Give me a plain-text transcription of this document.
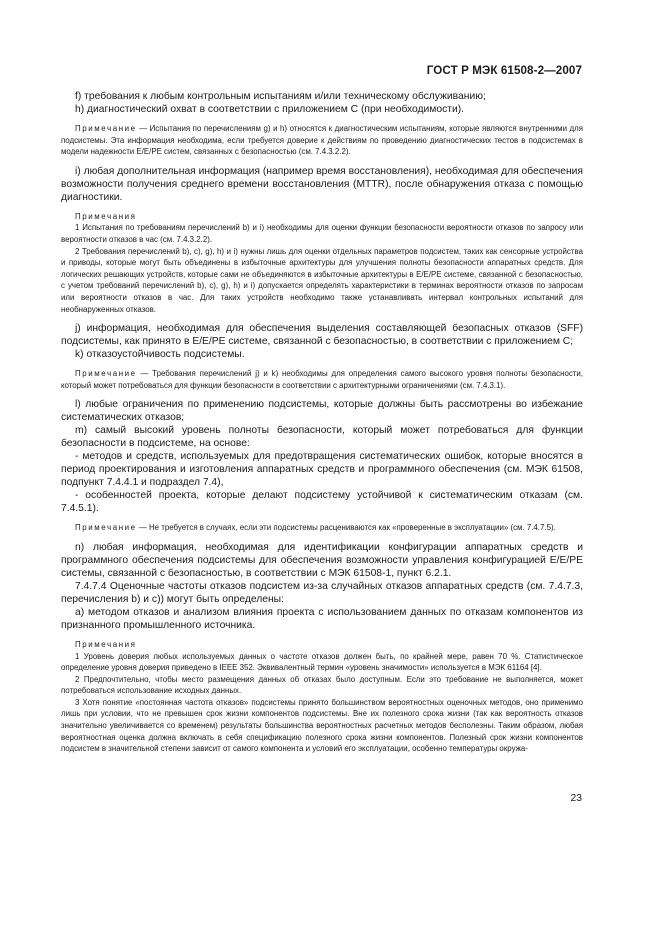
ГОСТ Р МЭК 61508-2—2007

f) требования к любым контрольным испытаниям и/или техническому обслуживанию;

h) диагностический охват в соответствии с приложением С (при необходимости).

Примечание — Испытания по перечислениям g) и h) относятся к диагностическим испытаниям, которые являются внутренними для подсистемы. Эта информация необходима, если требуется доверие к действиям по проведению диагностических тестов в подсистемах в модели надежности E/E/PE систем, связанных с безопасностью (см. 7.4.3.2.2).

i) любая дополнительная информация (например время восстановления), необходимая для обеспечения возможности получения среднего времени восстановления (MTTR), после обнаружения отказа с помощью диагностики.

Примечания

1 Испытания по требованиям перечислений b) и i) необходимы для оценки функции безопасности вероятности отказов по запросу или вероятности отказов в час (см. 7.4.3.2.2).

2 Требования перечислений b), c), g), h) и i) нужны лишь для оценки отдельных параметров подсистем, таких как сенсорные устройства и приводы, которые могут быть объединены в избыточные архитектуры для улучшения полноты безопасности аппаратных средств. Для логических решающих устройств, которые сами не объединяются в избыточные архитектуры в E/E/PE системе, связанной с безопасностью, с учетом требований перечислений b), c), g), h) и i) допускается определять характеристики в терминах вероятности отказов по запросам или вероятности отказов в час. Для таких устройств необходимо также устанавливать интервал контрольных испытаний для необнаруженных отказов.

j) информация, необходимая для обеспечения выделения составляющей безопасных отказов (SFF) подсистемы, как принято в E/E/PE системе, связанной с безопасностью, в соответствии с приложением С;

k) отказоустойчивость подсистемы.

Примечание — Требования перечислений j) и k) необходимы для определения самого высокого уровня полноты безопасности, который может потребоваться для функции безопасности в соответствии с архитектурными ограничениями (см. 7.4.3.1).

l) любые ограничения по применению подсистемы, которые должны быть рассмотрены во избежание систематических отказов;

m) самый высокий уровень полноты безопасности, который может потребоваться для функции безопасности в подсистеме, на основе:

- методов и средств, используемых для предотвращения систематических ошибок, которые вносятся в период проектирования и изготовления аппаратных средств и программного обеспечения (см. МЭК 61508, подпункт 7.4.4.1 и подраздел 7.4),

- особенностей проекта, которые делают подсистему устойчивой к систематическим отказам (см. 7.4.5.1).

Примечание — Не требуется в случаях, если эти подсистемы расцениваются как «проверенные в эксплуатации» (см. 7.4.7.5).

n) любая информация, необходимая для идентификации конфигурации аппаратных средств и программного обеспечения подсистемы для обеспечения возможности управления конфигурацией E/E/PE системы, связанной с безопасностью, в соответствии с МЭК 61508-1, пункт 6.2.1.

7.4.7.4 Оценочные частоты отказов подсистем из-за случайных отказов аппаратных средств (см. 7.4.7.3, перечисления b) и с)) могут быть определены:

а) методом отказов и анализом влияния проекта с использованием данных по отказам компонентов из признанного промышленного источника.

Примечания

1 Уровень доверия любых используемых данных о частоте отказов должен быть, по крайней мере, равен 70 %. Статистическое определение уровня доверия приведено в IEEE 352. Эквивалентный термин «уровень значимости» используется в МЭК 61164 [4].

2 Предпочтительно, чтобы место размещения данных об отказах было доступным. Если это требование не выполняется, может потребоваться использование исходных данных.

3 Хотя понятие «постоянная частота отказов» подсистемы принято большинством вероятностных оценочных методов, оно применимо лишь при условии, что не превышен срок жизни компонентов подсистемы. Вне их полезного срока жизни (так как вероятность отказов значительно увеличивается со временем) результаты большинства вероятностных расчетных методов бесполезны. Таким образом, любая вероятностная оценка должна включать в себя спецификацию полезного срока жизни компонентов. Полезный срок жизни компонентов подсистем в значительной степени зависит от самого компонента и условий его эксплуатации, особенно температуры окружа-

23
